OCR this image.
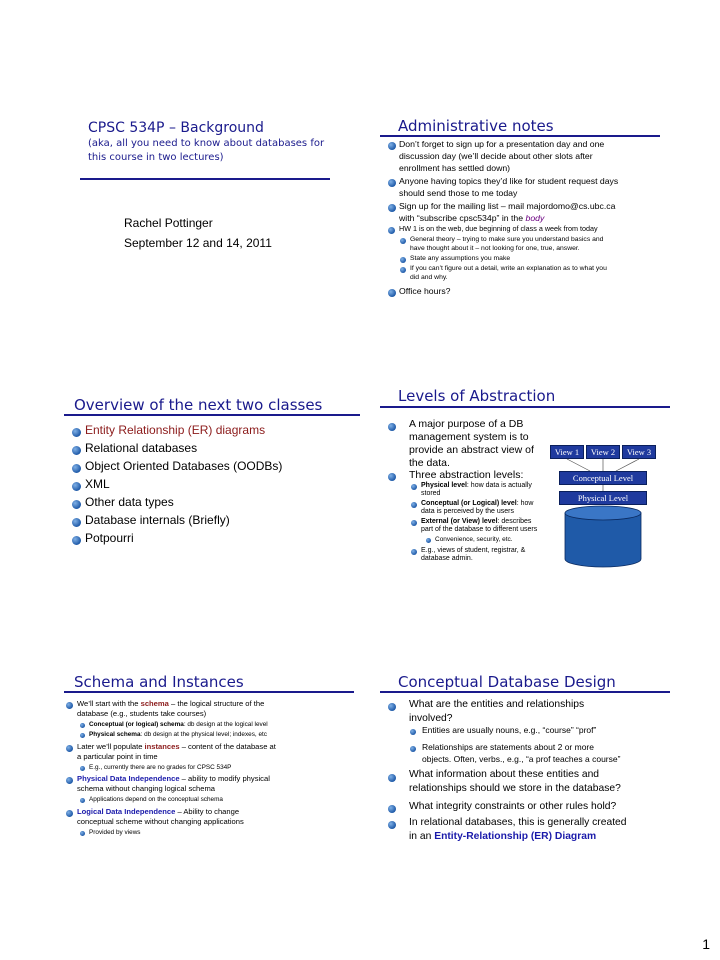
CPSC 534P – Background
(aka, all you need to know about databases for
this course in two lectures)
Rachel Pottinger
September 12 and 14, 2011
Administrative notes
Don’t forget to sign up for a presentation day and one
discussion day (we’ll decide about other slots after
enrollment has settled down)
Anyone having topics they’d like for student request days
should send those to me today
Sign up for the mailing list – mail majordomo@cs.ubc.ca
with “subscribe cpsc534p” in the body
HW 1 is on the web, due beginning of class a week from today
General theory – trying to make sure you understand basics and
have thought about it – not looking for one, true, answer.
State any assumptions you make
If you can’t figure out a detail, write an explanation as to what you
did and why.
Office hours?
Overview of the next two classes
Entity Relationship (ER) diagrams
Relational databases
Object Oriented Databases (OODBs)
XML
Other data types
Database internals (Briefly)
Potpourri
Levels of Abstraction
A major purpose of a DB
management system is to
provide an abstract view of
the data.
Three abstraction levels:
Physical level: how data is actually
stored
Conceptual (or Logical) level: how
data is perceived by the users
External (or View) level: describes
part of the database to different users
Convenience, security, etc.
E.g., views of student, registrar, &
database admin.
View 1	View 2	View 3
Conceptual Level
Physical Level
Schema and Instances
We’ll start with the schema – the logical structure of the
database (e.g., students take courses)
Conceptual (or logical) schema: db design at the logical level
Physical schema: db design at the physical level; indexes, etc
Later we’ll populate instances – content of the database at
a particular point in time
E.g., currently there are no grades for CPSC 534P
Physical Data Independence – ability to modify physical
schema without changing logical schema
Applications depend on the conceptual schema
Logical Data Independence – Ability to change
conceptual scheme without changing applications
Provided by views
Conceptual Database Design
What are the entities and relationships
involved?
Entities are usually nouns, e.g., “course” “prof”
Relationships are statements about 2 or more
objects. Often, verbs., e.g., “a prof teaches a course”
What information about these entities and
relationships should we store in the database?
What integrity constraints or other rules hold?
In relational databases, this is generally created
in an Entity-Relationship (ER) Diagram
1
